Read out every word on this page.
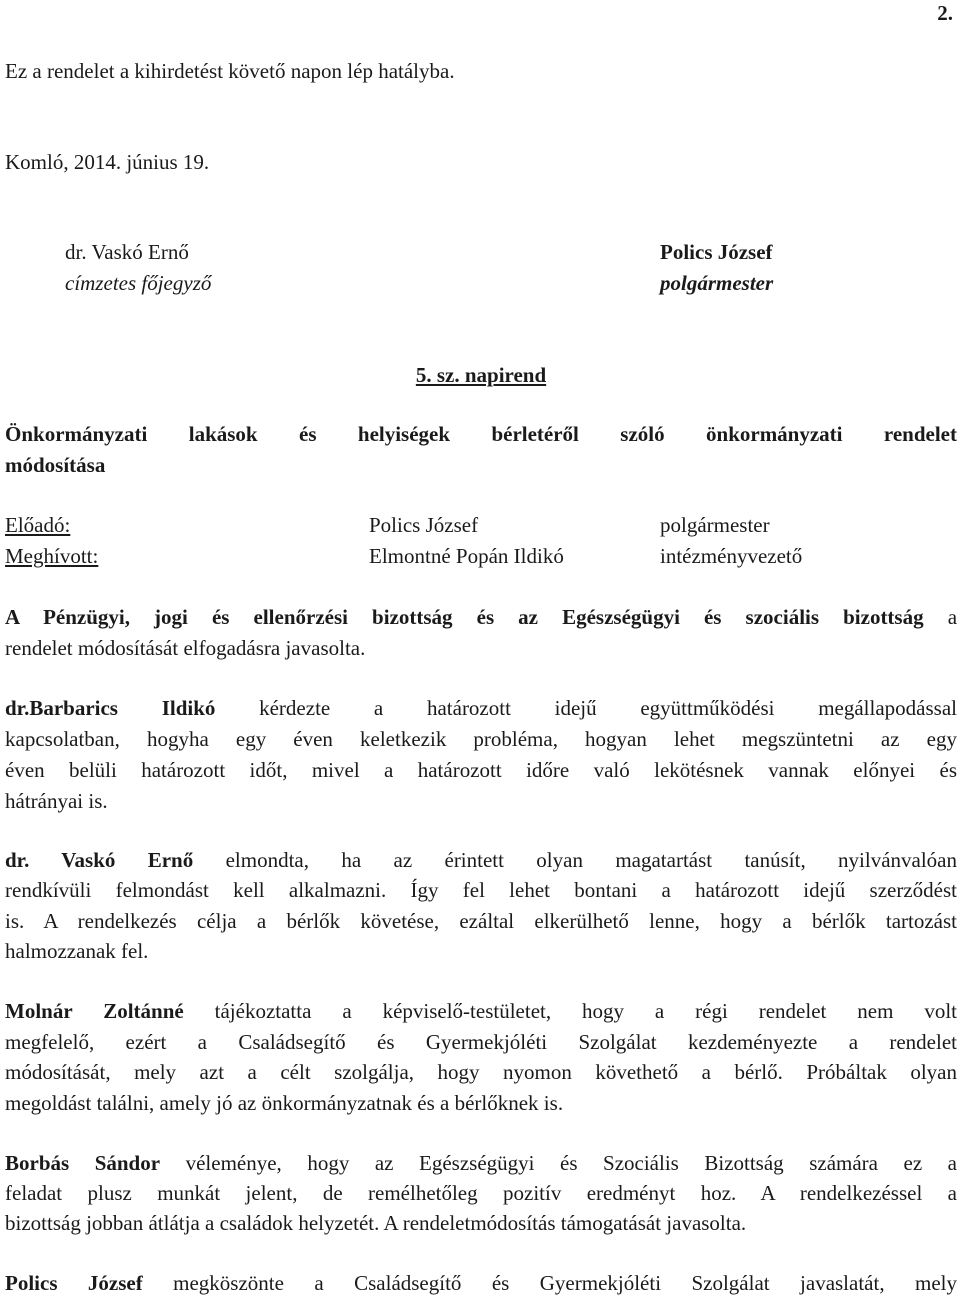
2.
Ez a rendelet a kihirdetést követő napon lép hatályba.
Komló, 2014. június 19.
dr. Vaskó Ernő
címzetes főjegyző
Polics József
polgármester
5. sz. napirend
Önkormányzati lakások és helyiségek bérletéről szóló önkormányzati rendelet
módosítása
Előadó:	Polics József	polgármester
Meghívott:	Elmontné Popán Ildikó	intézményvezető
A Pénzügyi, jogi és ellenőrzési bizottság és az Egészségügyi és szociális bizottság a
rendelet módosítását elfogadásra javasolta.
dr.Barbarics Ildikó kérdezte a határozott idejű együttműködési megállapodással
kapcsolatban, hogyha egy éven keletkezik probléma, hogyan lehet megszüntetni az egy
éven belüli határozott időt, mivel a határozott időre való lekötésnek vannak előnyei és
hátrányai is.
dr. Vaskó Ernő elmondta, ha az érintett olyan magatartást tanúsít, nyilvánvalóan
rendkívüli felmondást kell alkalmazni. Így fel lehet bontani a határozott idejű szerződést
is. A rendelkezés célja a bérlők követése, ezáltal elkerülhető lenne, hogy a bérlők tartozást
halmozzanak fel.
Molnár Zoltánné tájékoztatta a képviselő-testületet, hogy a régi rendelet nem volt
megfelelő, ezért a Családsegítő és Gyermekjóléti Szolgálat kezdeményezte a rendelet
módosítását, mely azt a célt szolgálja, hogy nyomon követhető a bérlő. Próbáltak olyan
megoldást találni, amely jó az önkormányzatnak és a bérlőknek is.
Borbás Sándor véleménye, hogy az Egészségügyi és Szociális Bizottság számára ez a
feladat plusz munkát jelent, de remélhetőleg pozitív eredményt hoz. A rendelkezéssel a
bizottság jobban átlátja a családok helyzetét. A rendeletmódosítás támogatását javasolta.
Polics József megköszönte a Családsegítő és Gyermekjóléti Szolgálat javaslatát, mely
